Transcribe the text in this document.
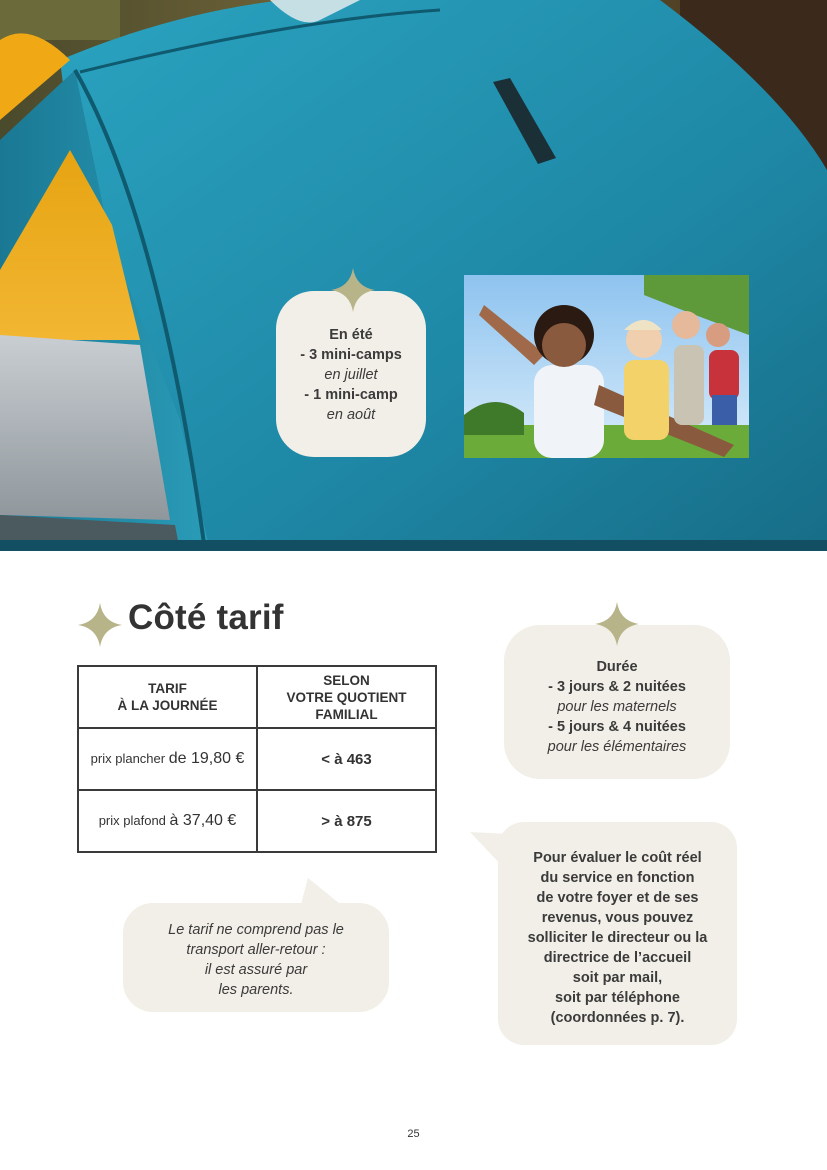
En été
- 3 mini-camps
en juillet
- 1 mini-camp
en août
Côté tarif
TARIF
À LA JOURNÉE	SELON
VOTRE QUOTIENT
FAMILIAL
prix plancher de 19,80 €	< à 463
prix plafond à 37,40 €	> à 875
Durée
- 3 jours & 2 nuitées
pour les maternels
- 5 jours & 4 nuitées
pour les élémentaires
Le tarif ne comprend pas le
transport aller-retour :
il est assuré par
les parents.
Pour évaluer le coût réel
du service en fonction
de votre foyer et de ses
revenus, vous pouvez
solliciter le directeur ou la
directrice de l’accueil
soit par mail,
soit par téléphone
(coordonnées p. 7).
25
